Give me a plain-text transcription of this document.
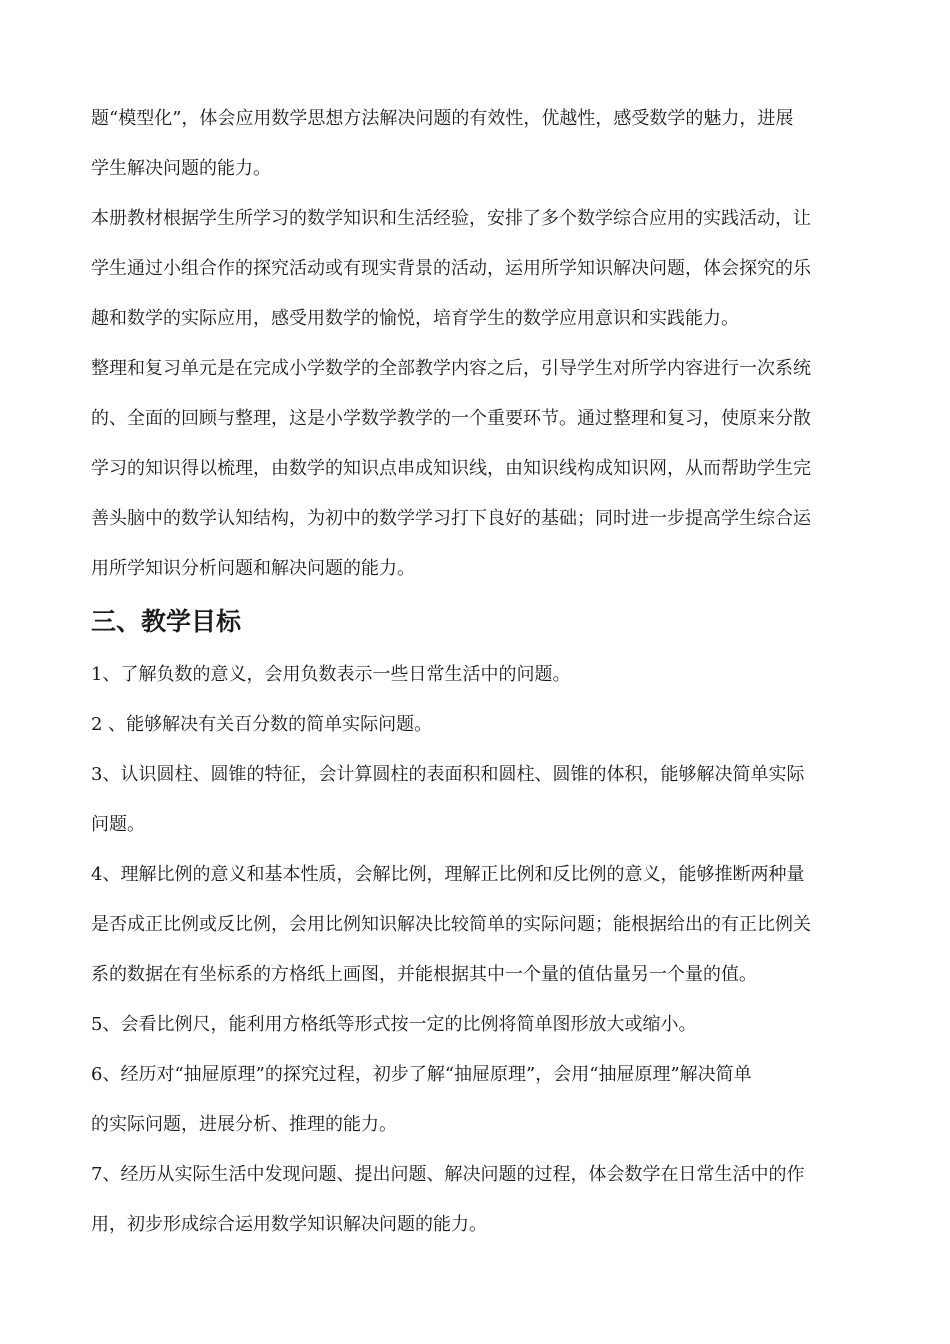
题“模型化”，体会应用数学思想方法解决问题的有效性，优越性，感受数学的魅力，进展
学生解决问题的能力。
本册教材根据学生所学习的数学知识和生活经验，安排了多个数学综合应用的实践活动，让
学生通过小组合作的探究活动或有现实背景的活动，运用所学知识解决问题，体会探究的乐
趣和数学的实际应用，感受用数学的愉悦，培育学生的数学应用意识和实践能力。
整理和复习单元是在完成小学数学的全部教学内容之后，引导学生对所学内容进行一次系统
的、全面的回顾与整理，这是小学数学教学的一个重要环节。通过整理和复习，使原来分散
学习的知识得以梳理，由数学的知识点串成知识线，由知识线构成知识网，从而帮助学生完
善头脑中的数学认知结构，为初中的数学学习打下良好的基础；同时进一步提高学生综合运
用所学知识分析问题和解决问题的能力。
三、教学目标
1、了解负数的意义，会用负数表示一些日常生活中的问题。
2 、能够解决有关百分数的简单实际问题。
3、认识圆柱、圆锥的特征，会计算圆柱的表面积和圆柱、圆锥的体积，能够解决简单实际
问题。
4、理解比例的意义和基本性质，会解比例，理解正比例和反比例的意义，能够推断两种量
是否成正比例或反比例，会用比例知识解决比较简单的实际问题；能根据给出的有正比例关
系的数据在有坐标系的方格纸上画图，并能根据其中一个量的值估量另一个量的值。
5、会看比例尺，能利用方格纸等形式按一定的比例将简单图形放大或缩小。
6、经历对“抽屉原理”的探究过程，初步了解“抽屉原理”，会用“抽屉原理”解决简单
的实际问题，进展分析、推理的能力。
7、经历从实际生活中发现问题、提出问题、解决问题的过程，体会数学在日常生活中的作
用，初步形成综合运用数学知识解决问题的能力。
